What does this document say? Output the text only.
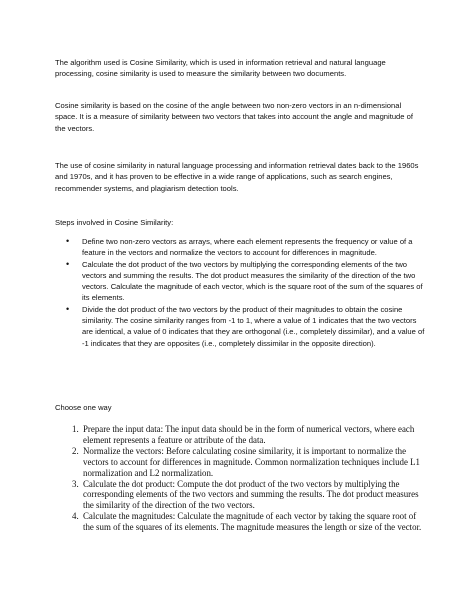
The algorithm used is Cosine Similarity, which is used in information retrieval and natural language processing, cosine similarity is used to measure the similarity between two documents.

Cosine similarity is based on the cosine of the angle between two non-zero vectors in an n-dimensional space. It is a measure of similarity between two vectors that takes into account the angle and magnitude of the vectors.

The use of cosine similarity in natural language processing and information retrieval dates back to the 1960s and 1970s, and it has proven to be effective in a wide range of applications, such as search engines, recommender systems, and plagiarism detection tools.

Steps involved in Cosine Similarity:

• Define two non-zero vectors as arrays, where each element represents the frequency or value of a feature in the vectors and normalize the vectors to account for differences in magnitude.
• Calculate the dot product of the two vectors by multiplying the corresponding elements of the two vectors and summing the results. The dot product measures the similarity of the direction of the two vectors. Calculate the magnitude of each vector, which is the square root of the sum of the squares of its elements.
• Divide the dot product of the two vectors by the product of their magnitudes to obtain the cosine similarity. The cosine similarity ranges from -1 to 1, where a value of 1 indicates that the two vectors are identical, a value of 0 indicates that they are orthogonal (i.e., completely dissimilar), and a value of -1 indicates that they are opposites (i.e., completely dissimilar in the opposite direction).

Choose one way

1. Prepare the input data: The input data should be in the form of numerical vectors, where each element represents a feature or attribute of the data.
2. Normalize the vectors: Before calculating cosine similarity, it is important to normalize the vectors to account for differences in magnitude. Common normalization techniques include L1 normalization and L2 normalization.
3. Calculate the dot product: Compute the dot product of the two vectors by multiplying the corresponding elements of the two vectors and summing the results. The dot product measures the similarity of the direction of the two vectors.
4. Calculate the magnitudes: Calculate the magnitude of each vector by taking the square root of the sum of the squares of its elements. The magnitude measures the length or size of the vector.
